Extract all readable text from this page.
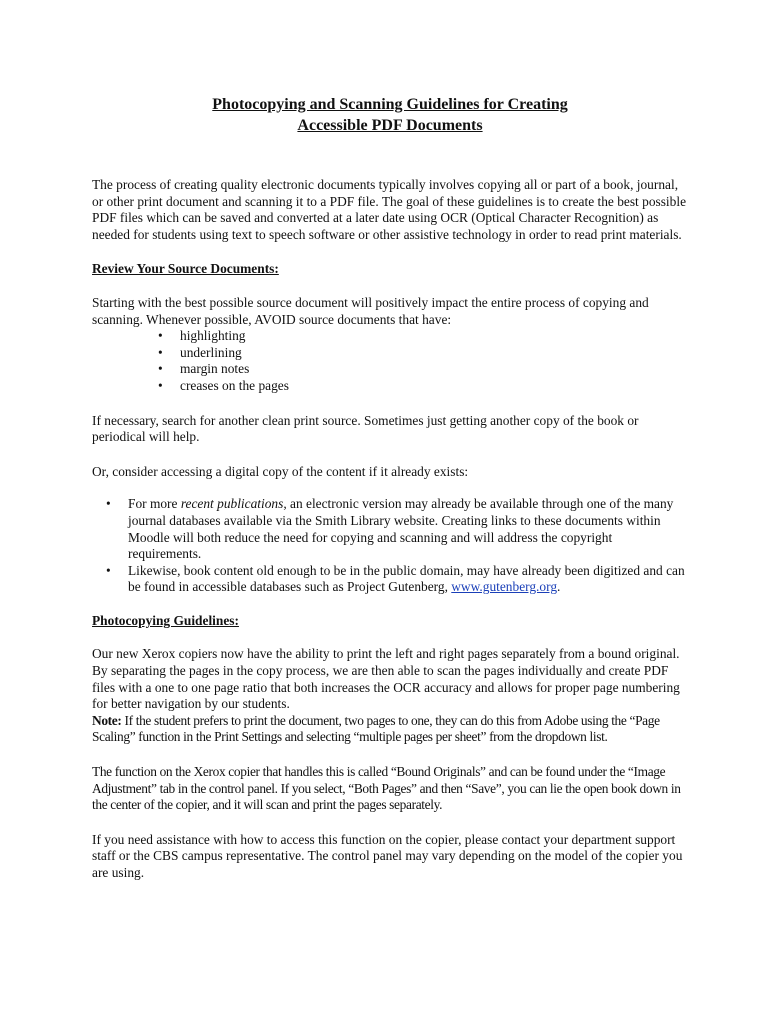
Photocopying and Scanning Guidelines for Creating
Accessible PDF Documents

The process of creating quality electronic documents typically involves copying all or part of a book, journal, or other print document and scanning it to a PDF file. The goal of these guidelines is to create the best possible PDF files which can be saved and converted at a later date using OCR (Optical Character Recognition) as needed for students using text to speech software or other assistive technology in order to read print materials.

Review Your Source Documents:

Starting with the best possible source document will positively impact the entire process of copying and scanning. Whenever possible, AVOID source documents that have:

• highlighting
• underlining
• margin notes
• creases on the pages

If necessary, search for another clean print source. Sometimes just getting another copy of the book or periodical will help.

Or, consider accessing a digital copy of the content if it already exists:

• For more recent publications, an electronic version may already be available through one of the many journal databases available via the Smith Library website. Creating links to these documents within Moodle will both reduce the need for copying and scanning and will address the copyright requirements.
• Likewise, book content old enough to be in the public domain, may have already been digitized and can be found in accessible databases such as Project Gutenberg, www.gutenberg.org.
Photocopying Guidelines:

Our new Xerox copiers now have the ability to print the left and right pages separately from a bound original. By separating the pages in the copy process, we are then able to scan the pages individually and create PDF files with a one to one page ratio that both increases the OCR accuracy and allows for proper page numbering for better navigation by our students.

Note: If the student prefers to print the document, two pages to one, they can do this from Adobe using the “Page Scaling” function in the Print Settings and selecting “multiple pages per sheet” from the dropdown list.

The function on the Xerox copier that handles this is called “Bound Originals” and can be found under the “Image Adjustment” tab in the control panel. If you select, “Both Pages” and then “Save”, you can lie the open book down in the center of the copier, and it will scan and print the pages separately.

If you need assistance with how to access this function on the copier, please contact your department support staff or the CBS campus representative. The control panel may vary depending on the model of the copier you are using.
